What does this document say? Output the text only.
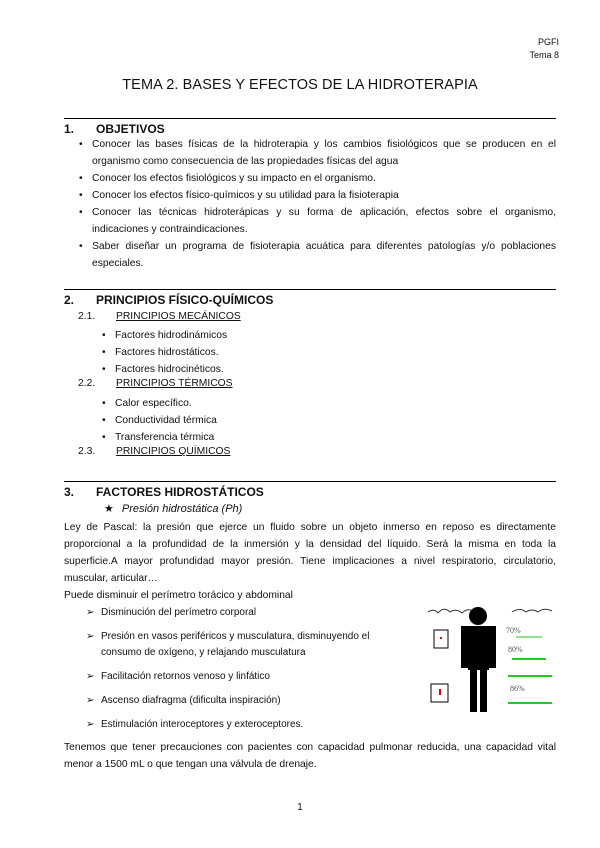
PGFI
Tema 8
TEMA 2. BASES Y EFECTOS DE LA HIDROTERAPIA
1. OBJETIVOS
• Conocer las bases físicas de la hidroterapia y los cambios fisiológicos que se producen en el organismo como consecuencia de las propiedades físicas del agua
• Conocer los efectos fisiológicos y su impacto en el organismo.
• Conocer los efectos físico-químicos y su utilidad para la fisioterapia
• Conocer las técnicas hidroterápicas y su forma de aplicación, efectos sobre el organismo, indicaciones y contraindicaciones.
• Saber diseñar un programa de fisioterapia acuática para diferentes patologías y/o poblaciones especiales.
2. PRINCIPIOS FÍSICO-QUÍMICOS
2.1. PRINCIPIOS MECÁNICOS
• Factores hidrodinámicos
• Factores hidrostáticos.
• Factores hidrocinéticos.
2.2. PRINCIPIOS TÉRMICOS
• Calor específico.
• Conductividad térmica
• Transferencia térmica
2.3. PRINCIPIOS QUÍMICOS
3. FACTORES HIDROSTÁTICOS
★ Presión hidrostática (Ph)

Ley de Pascal: la presión que ejerce un fluido sobre un objeto inmerso en reposo es directamente proporcional a la profundidad de la inmersión y la densidad del líquido. Será la misma en toda la superficie.A mayor profundidad mayor presión. Tiene implicaciones a nivel respiratorio, circulatorio, muscular, articular…

Puede disminuir el perímetro torácico y abdominal

➢ Disminución del perímetro corporal
➢ Presión en vasos periféricos y musculatura, disminuyendo el consumo de oxígeno, y relajando musculatura
➢ Facilitación retornos venoso y linfático
➢ Ascenso diafragma (dificulta inspiración)
➢ Estimulación interoceptores y exteroceptores.
70%
80%
86%

Tenemos que tener precauciones con pacientes con capacidad pulmonar reducida, una capacidad vital menor a 1500 mL o que tengan una válvula de drenaje.

1
